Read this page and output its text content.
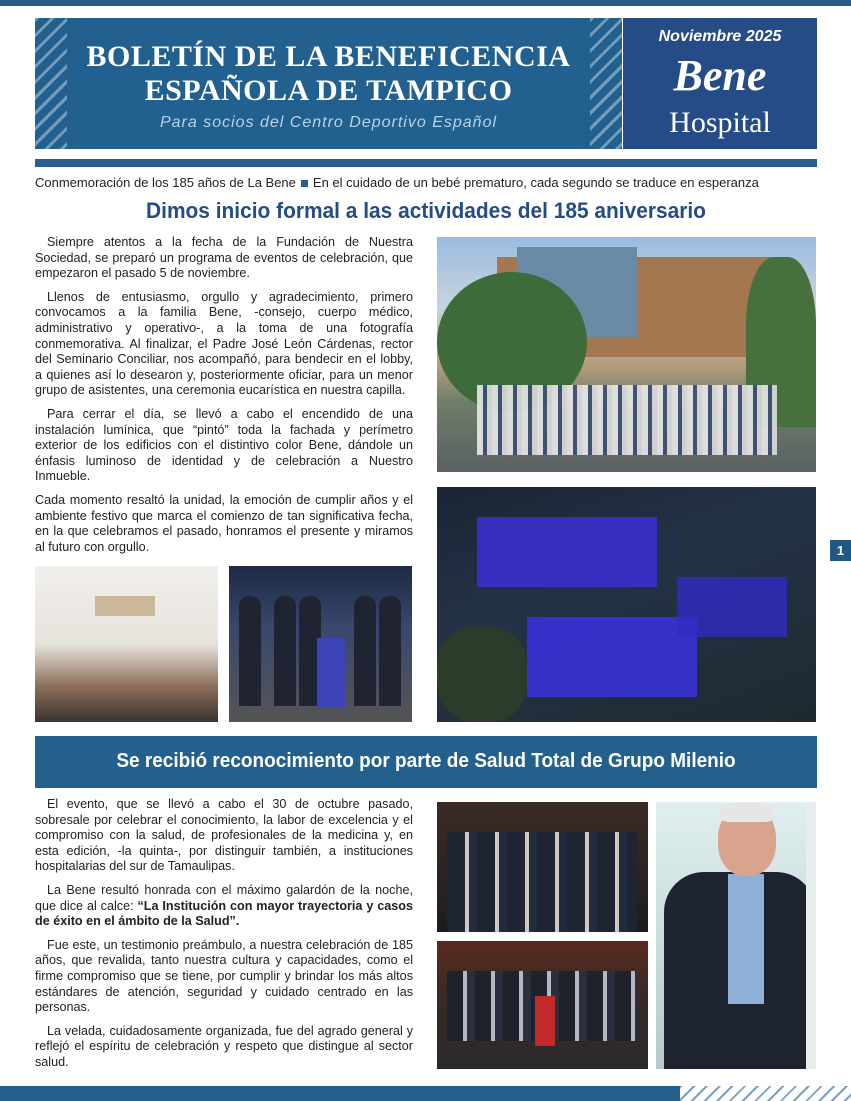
BOLETÍN DE LA BENEFICENCIA
ESPAÑOLA DE TAMPICO
Para socios del Centro Deportivo Español
Noviembre 2025
Bene
Hospital
Conmemoración de los 185 años de La Bene En el cuidado de un bebé prematuro, cada segundo se traduce en esperanza
Dimos inicio formal a las actividades del 185 aniversario

Siempre atentos a la fecha de la Fundación de Nuestra Sociedad, se preparó un programa de eventos de celebración, que empezaron el pasado 5 de noviembre.

Llenos de entusiasmo, orgullo y agradecimiento, primero convocamos a la familia Bene, -consejo, cuerpo médico, administrativo y operativo-, a la toma de una fotografía conmemorativa. Al finalizar, el Padre José León Cárdenas, rector del Seminario Conciliar, nos acompañó, para bendecir en el lobby, a quienes así lo desearon y, posteriormente oficiar, para un menor grupo de asistentes, una ceremonia eucarística en nuestra capilla.

Para cerrar el día, se llevó a cabo el encendido de una instalación lumínica, que “pintó” toda la fachada y perímetro exterior de los edificios con el distintivo color Bene, dándole un énfasis luminoso de identidad y de celebración a Nuestro Inmueble.

Cada momento resaltó la unidad, la emoción de cumplir años y el ambiente festivo que marca el comienzo de tan significativa fecha, en la que celebramos el pasado, honramos el presente y miramos al futuro con orgullo.	1
Se recibió reconocimiento por parte de Salud Total de Grupo Milenio

El evento, que se llevó a cabo el 30 de octubre pasado, sobresale por celebrar el conocimiento, la labor de excelencia y el compromiso con la salud, de profesionales de la medicina y, en esta edición, -la quinta-, por distinguir también, a instituciones hospitalarias del sur de Tamaulipas.

La Bene resultó honrada con el máximo galardón de la noche, que dice al calce: “La Institución con mayor trayectoria y casos de éxito en el ámbito de la Salud”.

Fue este, un testimonio preámbulo, a nuestra celebración de 185 años, que revalida, tanto nuestra cultura y capacidades, como el firme compromiso que se tiene, por cumplir y brindar los más altos estándares de atención, seguridad y cuidado centrado en las personas.

La velada, cuidadosamente organizada, fue del agrado general y reflejó el espíritu de celebración y respeto que distingue al sector salud.
